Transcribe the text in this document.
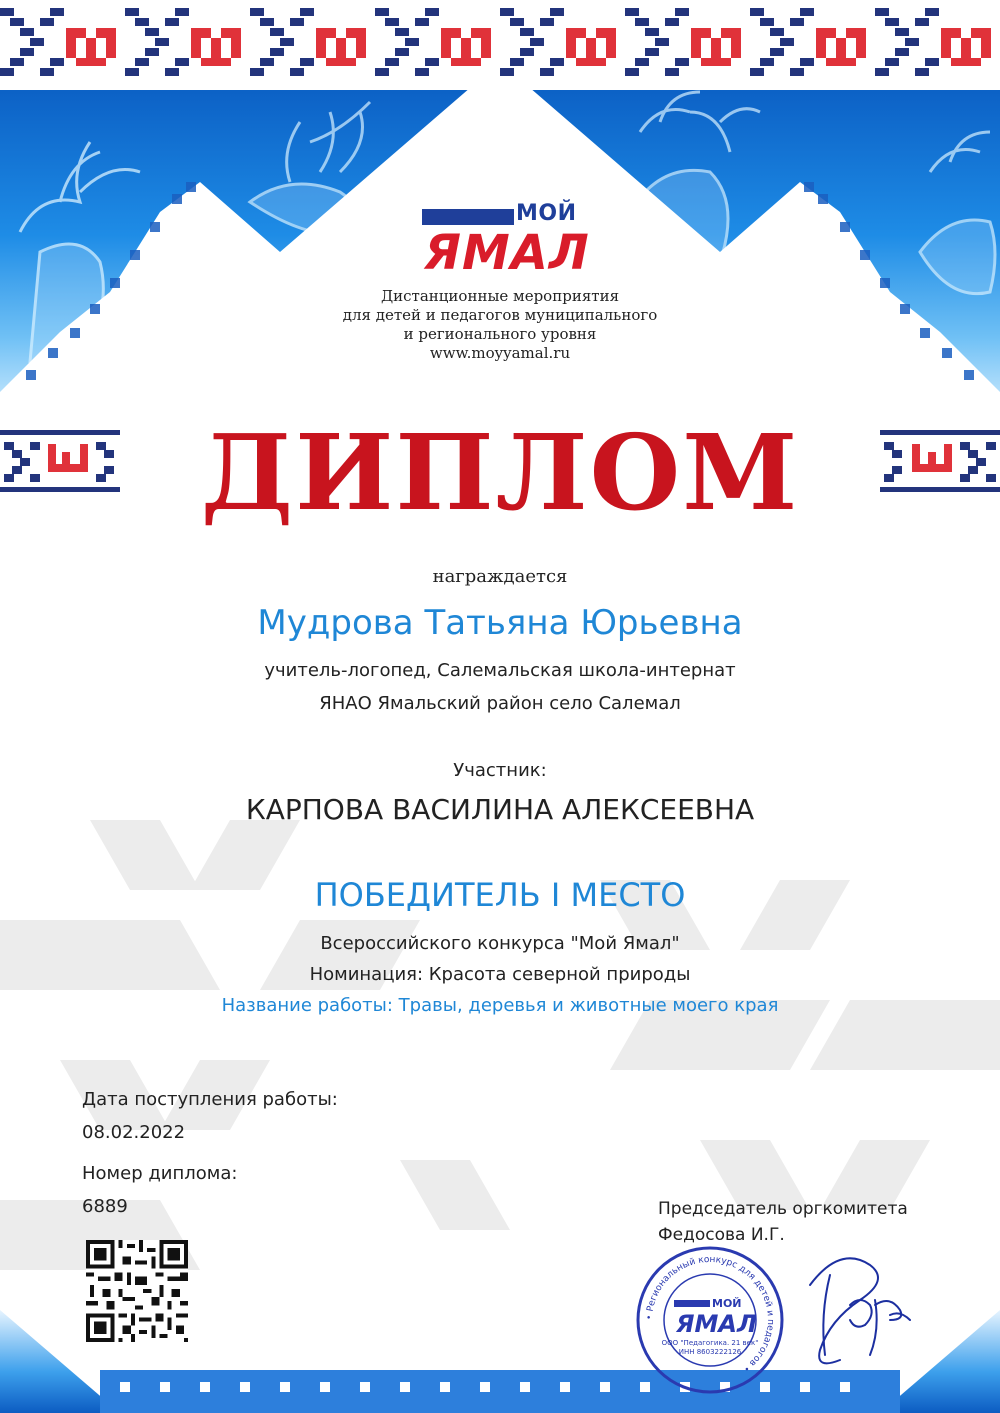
МОЙ
ЯМАЛ
Дистанционные мероприятия
для детей и педагогов муниципального
и регионального уровня
www.moyyamal.ru
ДИПЛОМ
награждается
Мудрова Татьяна Юрьевна
учитель-логопед, Салемальская школа-интернат
ЯНАО Ямальский район село Салемал
Участник:
КАРПОВА ВАСИЛИНА АЛЕКСЕЕВНА
ПОБЕДИТЕЛЬ I МЕСТО
Всероссийского конкурса "Мой Ямал"
Номинация: Красота северной природы
Название работы: Травы, деревья и животные моего края
Дата поступления работы:
08.02.2022
Номер диплома:
6889	Председатель оргкомитета
Федосова И.Г.
• Региональный конкурс для детей и педагогов •
МОЙ
ЯМАЛ
ООО "Педагогика. 21 век"
ИНН 8603222126
